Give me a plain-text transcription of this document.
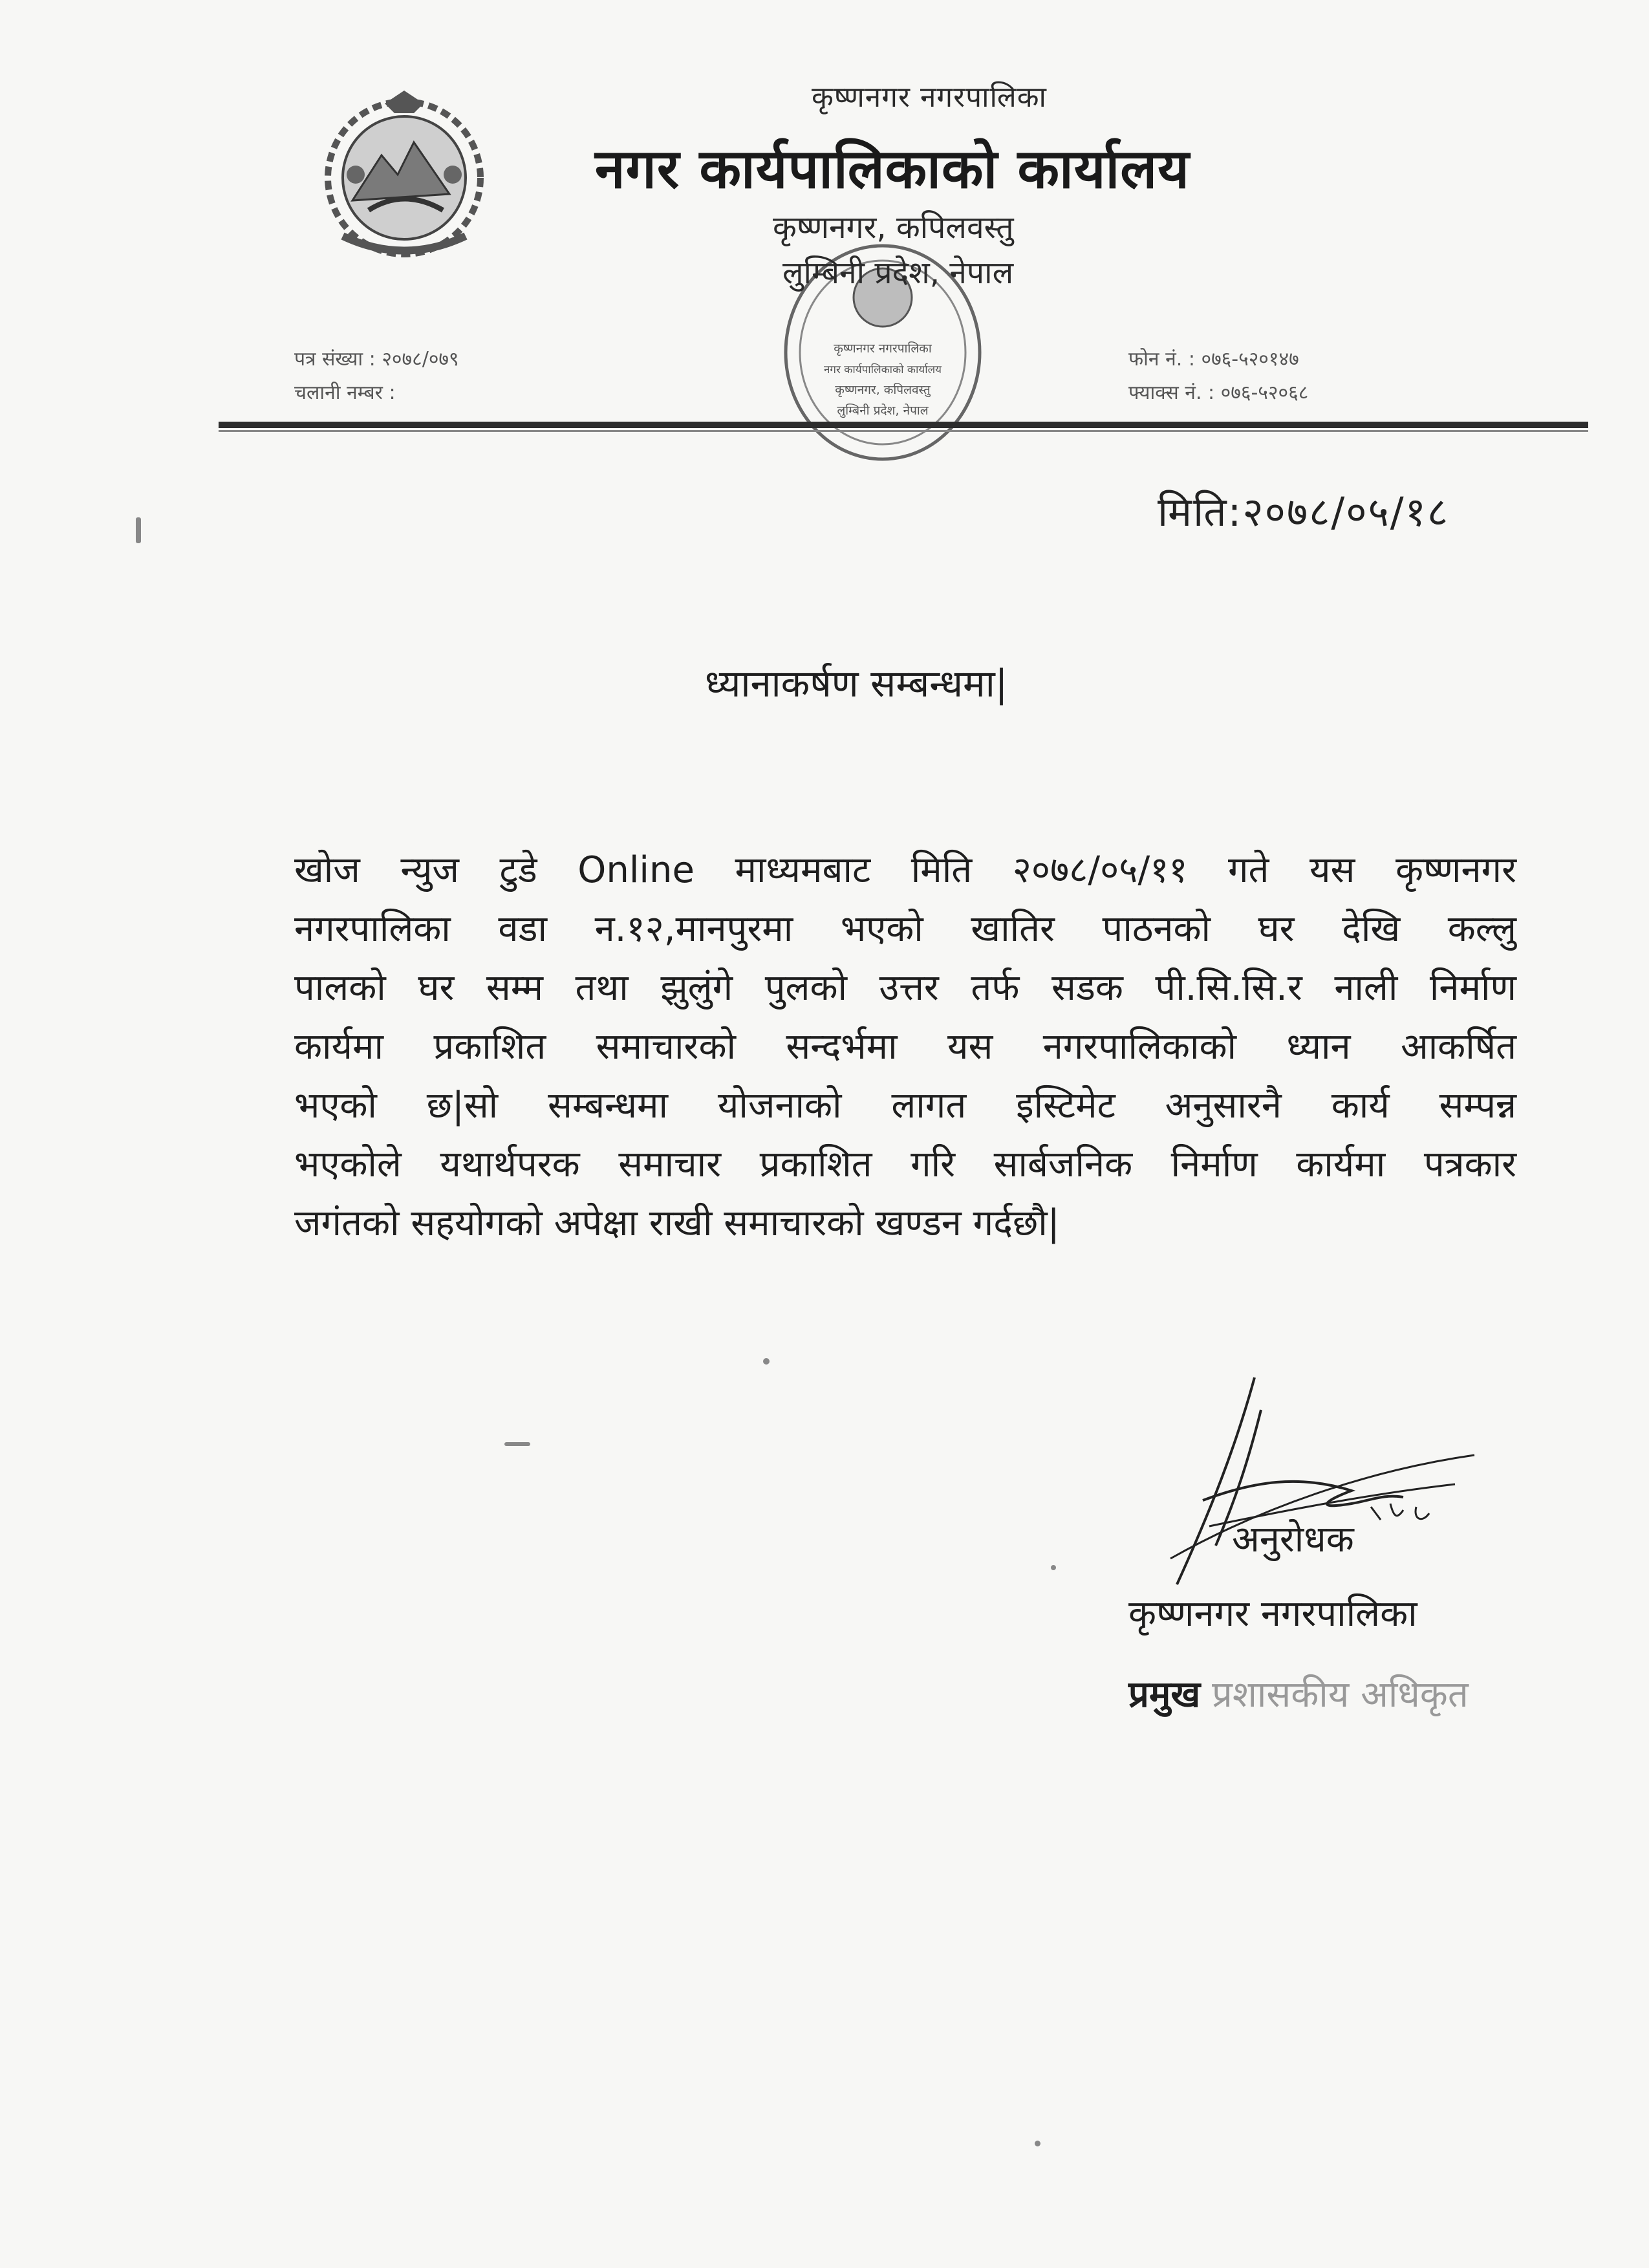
कृष्णनगर नगरपालिका
नगर कार्यपालिकाको कार्यालय
कृष्णनगर, कपिलवस्तु
लुम्बिनी प्रदेश, नेपाल
कृष्णनगर नगरपालिका
नगर कार्यपालिकाको कार्यालय
कृष्णनगर, कपिलवस्तु
लुम्बिनी प्रदेश, नेपाल
पत्र संख्या : २०७८/०७९
चलानी नम्बर :
फोन नं. : ०७६-५२०१४७
फ्याक्स नं. : ०७६-५२०६८
मिति:२०७८/०५/१८
ध्यानाकर्षण सम्बन्धमा|
खोज न्युज टुडे Online माध्यमबाट मिति २०७८/०५/११ गते यस कृष्णनगर
नगरपालिका वडा न.१२,मानपुरमा भएको खातिर पाठनको घर देखि कल्लु
पालको घर सम्म तथा झुलुंगे पुलको उत्तर तर्फ सडक पी.सि.सि.र नाली निर्माण
कार्यमा प्रकाशित समाचारको सन्दर्भमा यस नगरपालिकाको ध्यान आकर्षित
भएको छ|सो सम्बन्धमा योजनाको लागत इस्टिमेट अनुसारनै कार्य सम्पन्न
भएकोले यथार्थपरक समाचार प्रकाशित गरि सार्बजनिक निर्माण कार्यमा पत्रकार
जगंतको सहयोगको अपेक्षा राखी समाचारको खण्डन गर्दछौ|
अनुरोधक
कृष्णनगर नगरपालिका
प्रमुख प्रशासकीय अधिकृत
